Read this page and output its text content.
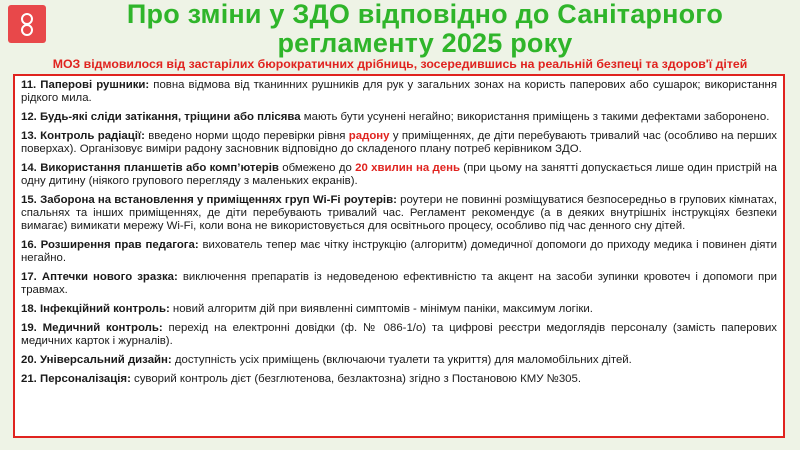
Про зміни у ЗДО відповідно до Санітарного регламенту 2025 року
МОЗ відмовилося від застарілих бюрократичних дрібниць, зосередившись на реальній безпеці та здоров'ї дітей
11. Паперові рушники: повна відмова від тканинних рушників для рук у загальних зонах на користь паперових або сушарок; використання рідкого мила.
12. Будь-які сліди затікання, тріщини або плісява мають бути усунені негайно; використання приміщень з такими дефектами заборонено.
13. Контроль радіації: введено норми щодо перевірки рівня радону у приміщеннях, де діти перебувають тривалий час (особливо на перших поверхах). Організовує виміри радону засновник відповідно до складеного плану потреб керівником ЗДО.
14. Використання планшетів або комп’ютерів обмежено до 20 хвилин на день (при цьому на занятті допускається лише один пристрій на одну дитину (ніякого групового перегляду з маленьких екранів).
15. Заборона на встановлення у приміщеннях груп Wi-Fi роутерів: роутери не повинні розміщуватися безпосередньо в групових кімнатах, спальнях та інших приміщеннях, де діти перебувають тривалий час. Регламент рекомендує (а в деяких внутрішніх інструкціях безпеки вимагає) вимикати мережу Wi-Fi, коли вона не використовується для освітнього процесу, особливо під час денного сну дітей.
16. Розширення прав педагога: вихователь тепер має чітку інструкцію (алгоритм) домедичної допомоги до приходу медика і повинен діяти негайно.
17. Аптечки нового зразка: виключення препаратів із недоведеною ефективністю та акцент на засоби зупинки кровотеч і допомоги при травмах.
18. Інфекційний контроль: новий алгоритм дій при виявленні симптомів - мінімум паніки, максимум логіки.
19. Медичний контроль: перехід на електронні довідки (ф. № 086-1/о) та цифрові реєстри медоглядів персоналу (замість паперових медичних карток і журналів).
20. Універсальний дизайн: доступність усіх приміщень (включаючи туалети та укриття) для маломобільних дітей.
21. Персоналізація: суворий контроль дієт (безглютенова, безлактозна) згідно з Постановою КМУ №305.
